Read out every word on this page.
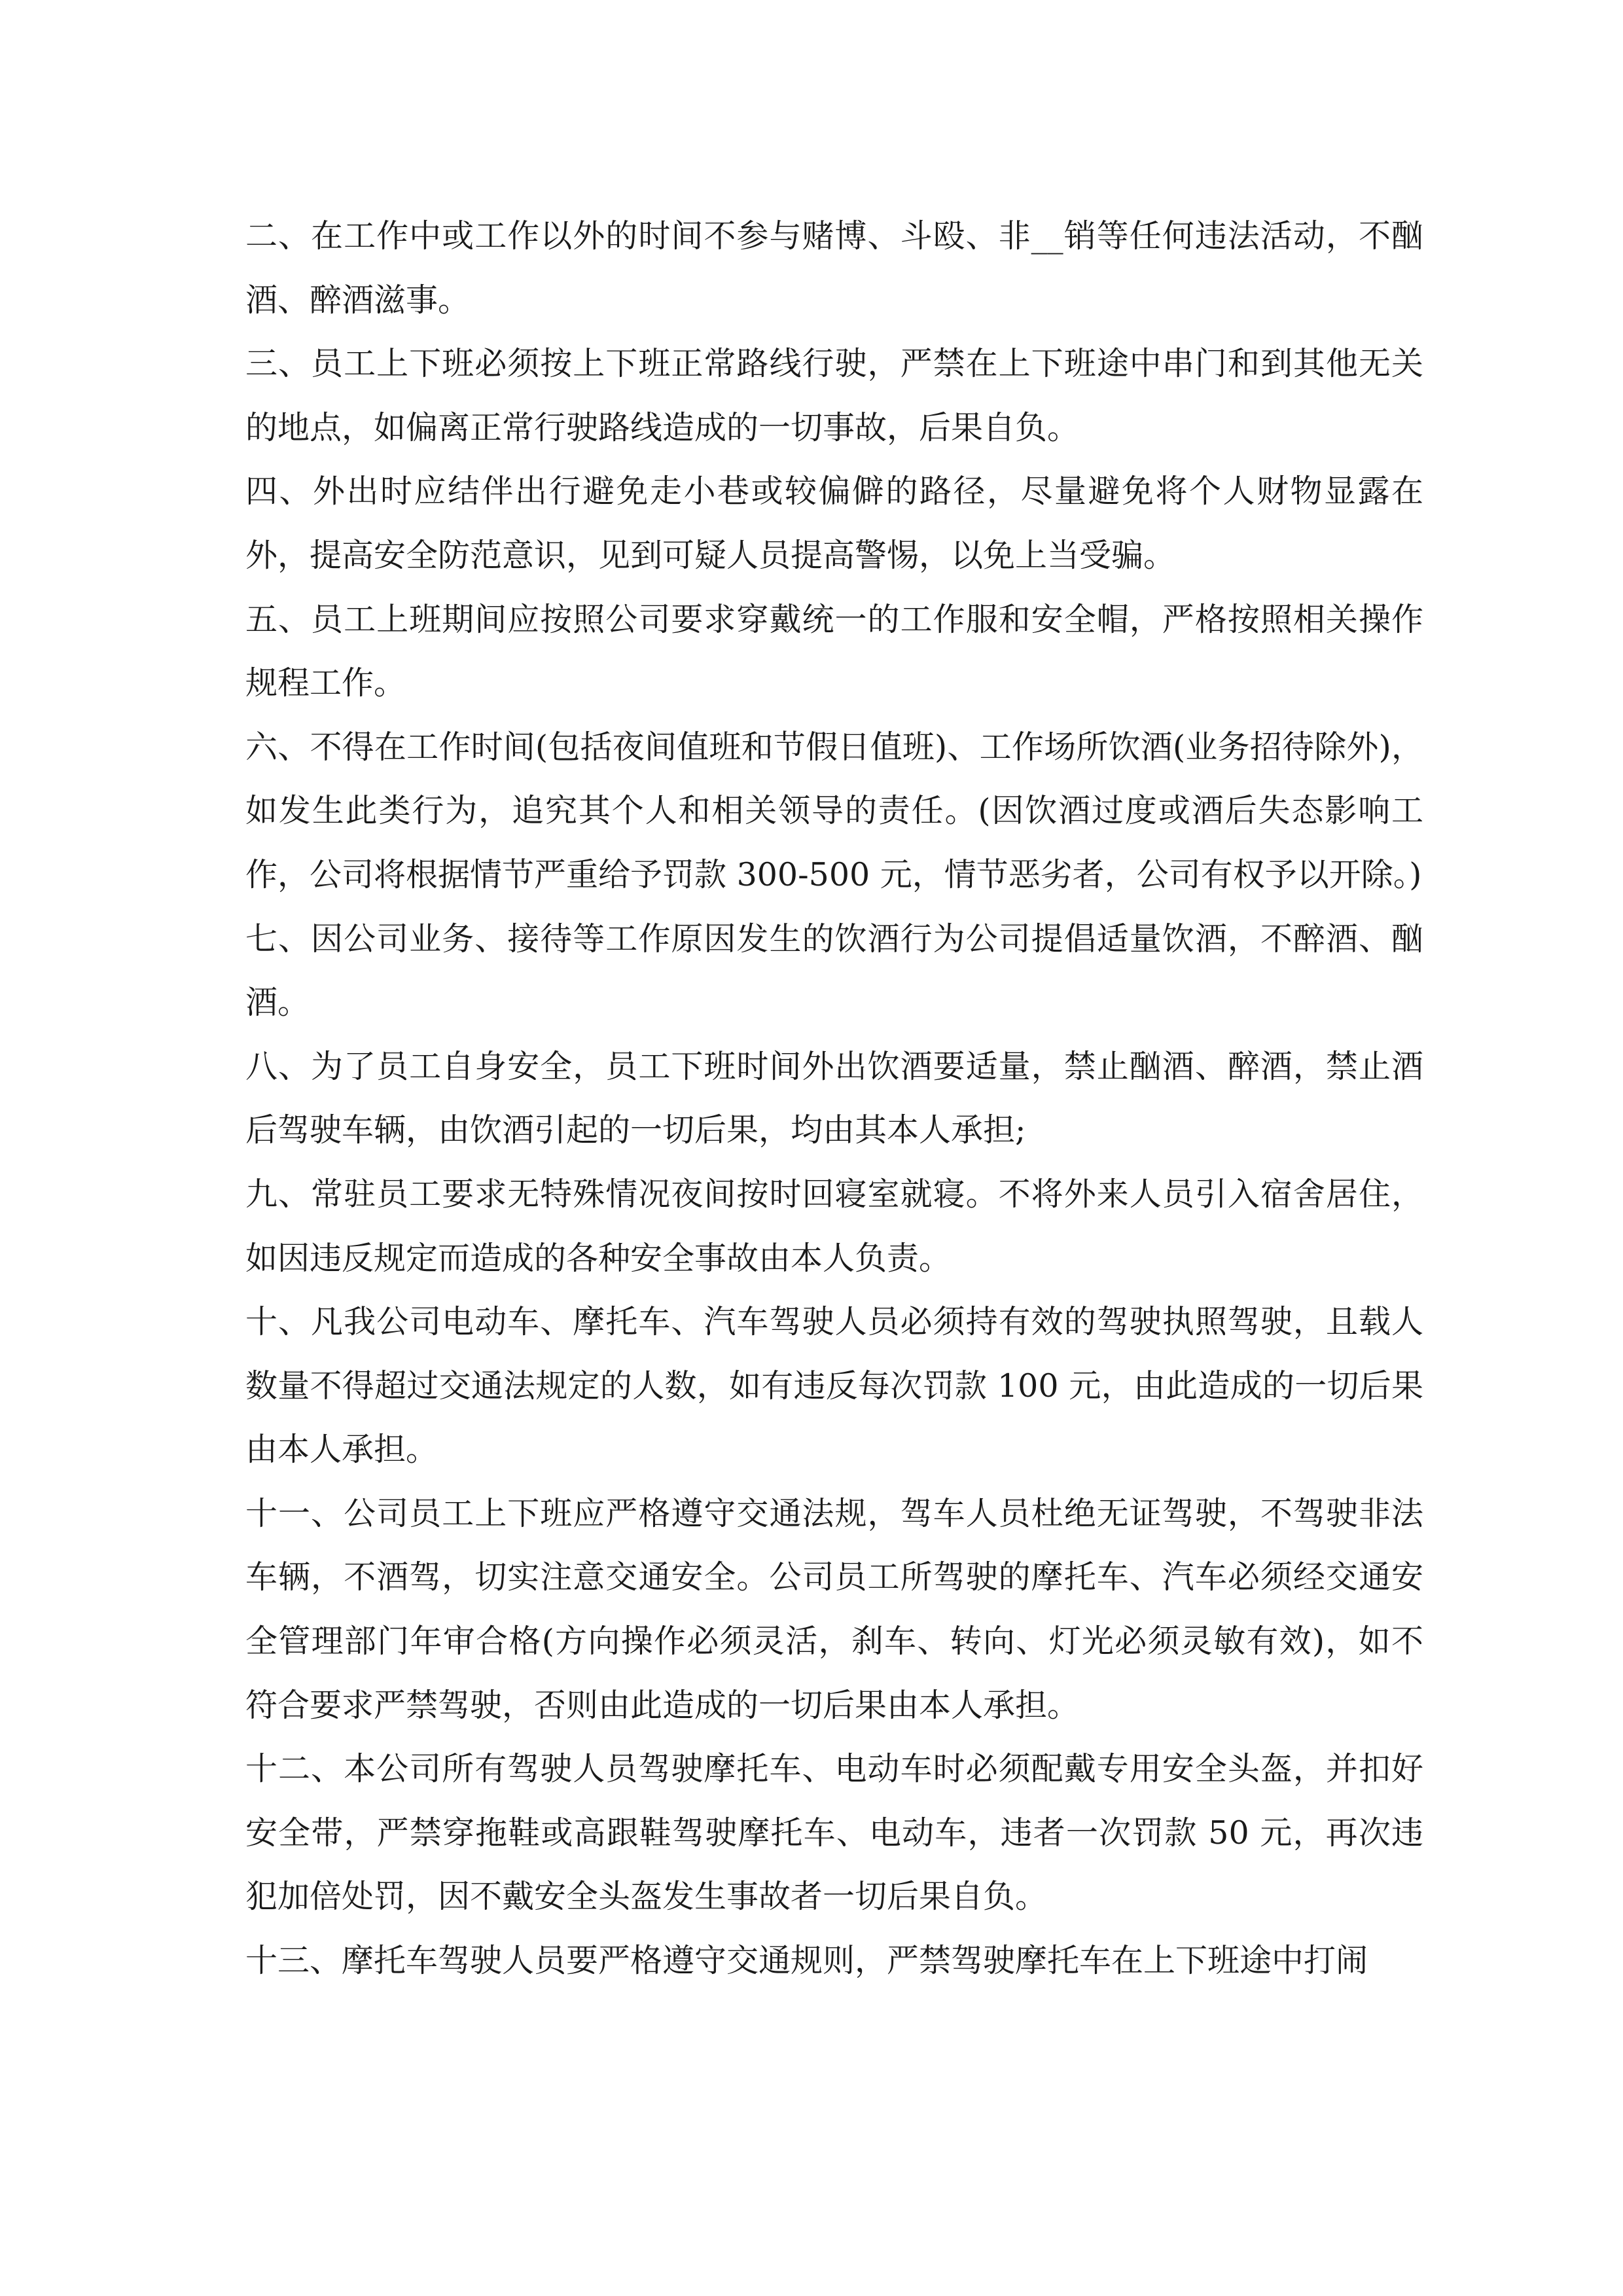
二、在工作中或工作以外的时间不参与赌博、斗殴、非__销等任何违法活动，不酗酒、醉酒滋事。

三、员工上下班必须按上下班正常路线行驶，严禁在上下班途中串门和到其他无关的地点，如偏离正常行驶路线造成的一切事故，后果自负。

四、外出时应结伴出行避免走小巷或较偏僻的路径，尽量避免将个人财物显露在外，提高安全防范意识，见到可疑人员提高警惕，以免上当受骗。

五、员工上班期间应按照公司要求穿戴统一的工作服和安全帽，严格按照相关操作规程工作。

六、不得在工作时间(包括夜间值班和节假日值班)、工作场所饮酒(业务招待除外)，如发生此类行为，追究其个人和相关领导的责任。(因饮酒过度或酒后失态影响工作，公司将根据情节严重给予罚款 300-500 元，情节恶劣者，公司有权予以开除。)

七、因公司业务、接待等工作原因发生的饮酒行为公司提倡适量饮酒，不醉酒、酗酒。

八、为了员工自身安全，员工下班时间外出饮酒要适量，禁止酗酒、醉酒，禁止酒后驾驶车辆，由饮酒引起的一切后果，均由其本人承担;

九、常驻员工要求无特殊情况夜间按时回寝室就寝。不将外来人员引入宿舍居住，如因违反规定而造成的各种安全事故由本人负责。

十、凡我公司电动车、摩托车、汽车驾驶人员必须持有效的驾驶执照驾驶，且载人数量不得超过交通法规定的人数，如有违反每次罚款 100 元，由此造成的一切后果由本人承担。

十一、公司员工上下班应严格遵守交通法规，驾车人员杜绝无证驾驶，不驾驶非法车辆，不酒驾，切实注意交通安全。公司员工所驾驶的摩托车、汽车必须经交通安全管理部门年审合格(方向操作必须灵活，刹车、转向、灯光必须灵敏有效)，如不符合要求严禁驾驶，否则由此造成的一切后果由本人承担。

十二、本公司所有驾驶人员驾驶摩托车、电动车时必须配戴专用安全头盔，并扣好安全带，严禁穿拖鞋或高跟鞋驾驶摩托车、电动车，违者一次罚款 50 元，再次违犯加倍处罚，因不戴安全头盔发生事故者一切后果自负。

十三、摩托车驾驶人员要严格遵守交通规则，严禁驾驶摩托车在上下班途中打闹
